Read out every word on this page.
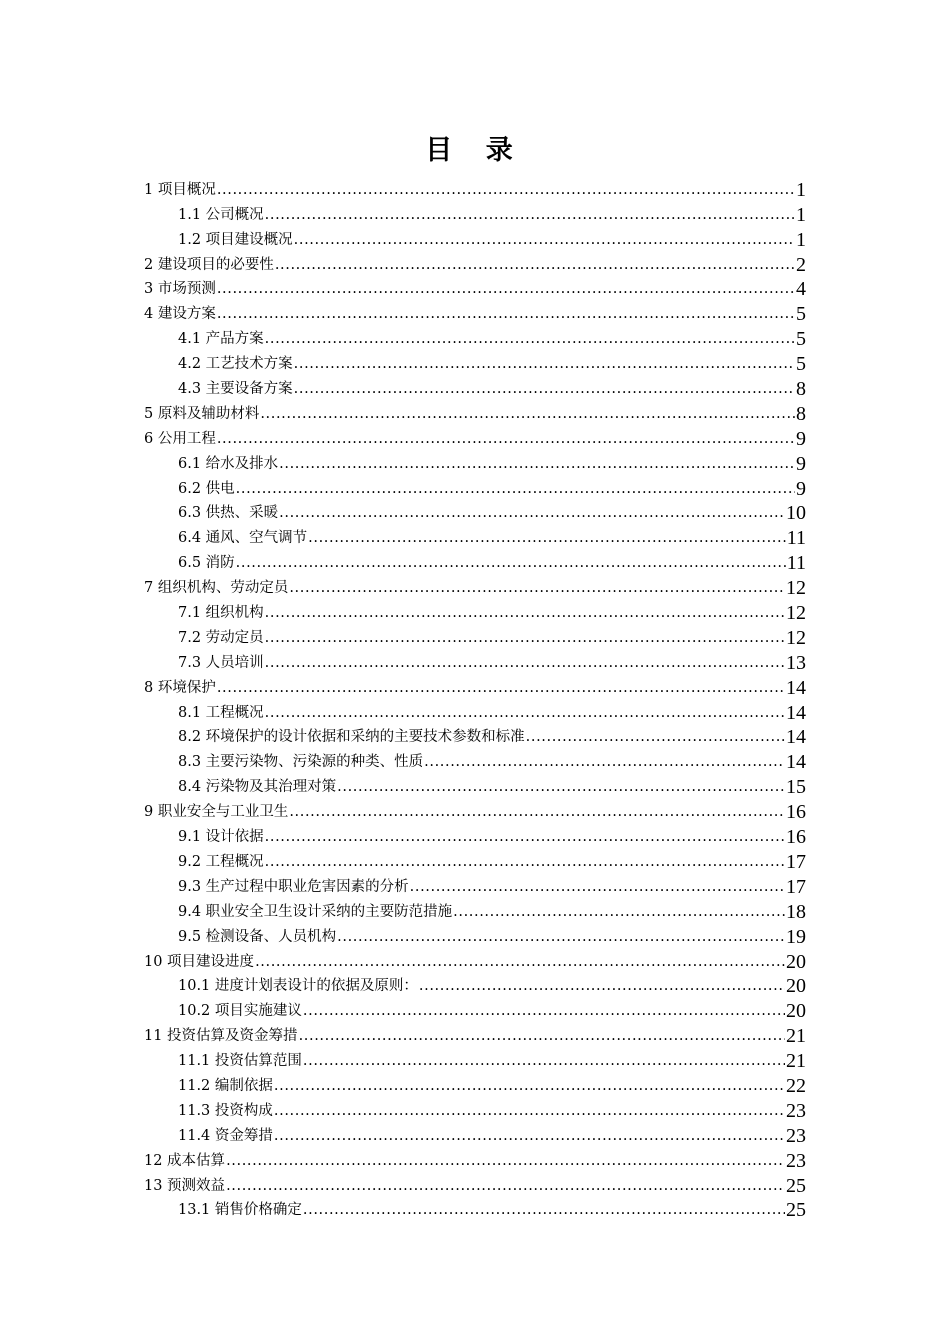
目 录
1 项目概况 .....	1
1.1 公司概况 .....	1
1.2 项目建设概况 .....	1
2 建设项目的必要性 .....	2
3 市场预测 .....	4
4 建设方案 .....	5
4.1 产品方案 .....	5
4.2 工艺技术方案 .....	5
4.3 主要设备方案 .....	8
5 原料及辅助材料 .....	8
6 公用工程 .....	9
6.1 给水及排水 .....	9
6.2 供电 .....	9
6.3 供热、采暖 .....	10
6.4 通风、空气调节 .....	11
6.5 消防 .....	11
7 组织机构、劳动定员 .....	12
7.1 组织机构 .....	12
7.2 劳动定员 .....	12
7.3 人员培训 .....	13
8 环境保护 .....	14
8.1 工程概况 .....	14
8.2 环境保护的设计依据和采纳的主要技术参数和标准 .....	14
8.3 主要污染物、污染源的种类、性质 .....	14
8.4 污染物及其治理对策 .....	15
9 职业安全与工业卫生 .....	16
9.1 设计依据 .....	16
9.2 工程概况 .....	17
9.3 生产过程中职业危害因素的分析 .....	17
9.4 职业安全卫生设计采纳的主要防范措施 .....	18
9.5 检测设备、人员机构 .....	19
10 项目建设进度 .....	20
10.1 进度计划表设计的依据及原则： .....	20
10.2 项目实施建议 .....	20
11 投资估算及资金筹措 .....	21
11.1 投资估算范围 .....	21
11.2 编制依据 .....	22
11.3 投资构成 .....	23
11.4 资金筹措 .....	23
12 成本估算 .....	23
13 预测效益 .....	25
13.1 销售价格确定 .....	25
